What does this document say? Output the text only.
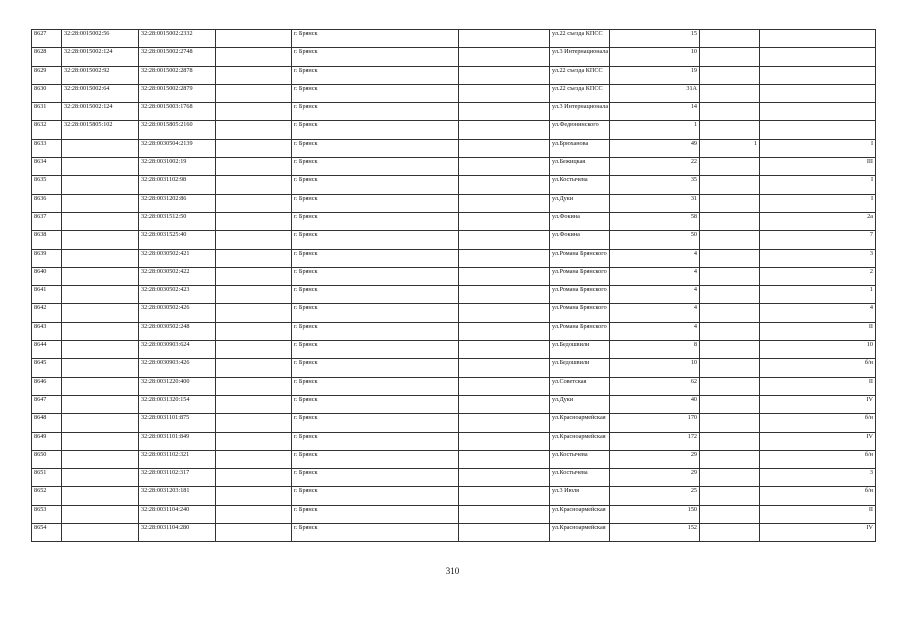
8627	32:28:0015002:56	32:28:0015002:2332		г. Брянск		ул.22 съезда КПСС	15		
8628	32:28:0015002:124	32:28:0015002:2748		г. Брянск		ул.3 Интернационала	10		
8629	32:28:0015002:92	32:28:0015002:2878		г. Брянск		ул.22 съезда КПСС	19		
8630	32:28:0015002:64	32:28:0015002:2879		г. Брянск		ул.22 съезда КПСС	31А		
8631	32:28:0015002:124	32:28:0015003:1768		г. Брянск		ул.3 Интернационала	14		
8632	32:28:0015805:102	32:28:0015805:2160		г. Брянск		ул.Федюнинского	1		
8633		32:28:0030504:2139		г. Брянск		ул.Брюханова	49	1	I
8634		32:28:0031002:19		г. Брянск		ул.Бежицкая	22		III
8635		32:28:0031102:98		г. Брянск		ул.Костычева	35		I
8636		32:28:0031202:86		г. Брянск		ул.Дуки	31		I
8637		32:28:0031512:50		г. Брянск		ул.Фокина	58		2а
8638		32:28:0031525:40		г. Брянск		ул.Фокина	50		7
8639		32:28:0030502:421		г. Брянск		ул.Романа Брянского	4		3
8640		32:28:0030502:422		г. Брянск		ул.Романа Брянского	4		2
8641		32:28:0030502:423		г. Брянск		ул.Романа Брянского	4		1
8642		32:28:0030502:426		г. Брянск		ул.Романа Брянского	4		4
8643		32:28:0030502:248		г. Брянск		ул.Романа Брянского	4		II
8644		32:28:0030903:624		г. Брянск		ул.Бедошвили	8		10
8645		32:28:0030903:426		г. Брянск		ул.Бедошвили	10		б/н
8646		32:28:0031220:400		г. Брянск		ул.Советская	62		II
8647		32:28:0031320:154		г. Брянск		ул.Дуки	40		IV
8648		32:28:0031101:875		г. Брянск		ул.Красноармейская	170		б/н
8649		32:28:0031101:849		г. Брянск		ул.Красноармейская	172		IV
8650		32:28:0031102:321		г. Брянск		ул.Костычева	29		б/н
8651		32:28:0031102:317		г. Брянск		ул.Костычева	29		3
8652		32:28:0031203:181		г. Брянск		ул.3 Июля	25		б/н
8653		32:28:0031104:240		г. Брянск		ул.Красноармейская	150		II
8654		32:28:0031104:280		г. Брянск		ул.Красноармейская	152		IV
310
